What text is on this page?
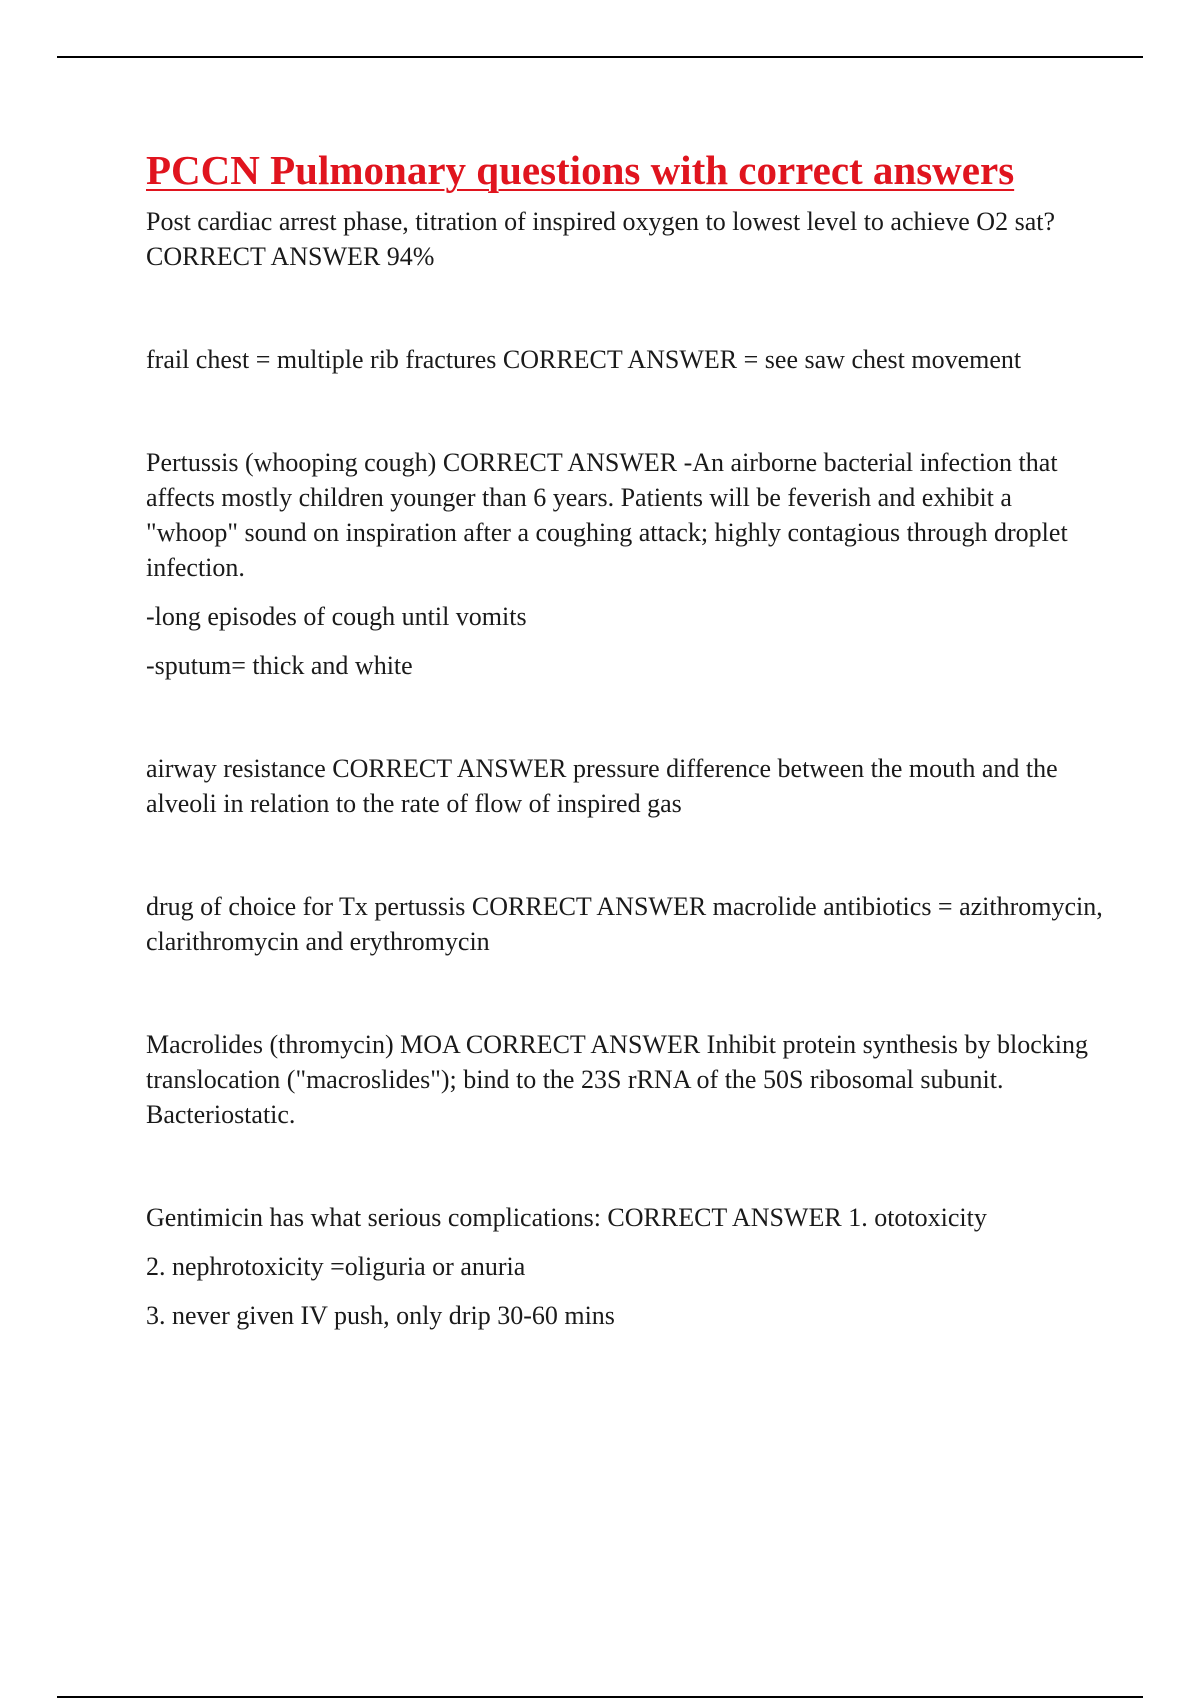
PCCN Pulmonary questions with correct answers

Post cardiac arrest phase, titration of inspired oxygen to lowest level to achieve O2 sat? CORRECT ANSWER 94%

frail chest = multiple rib fractures CORRECT ANSWER = see saw chest movement

Pertussis (whooping cough) CORRECT ANSWER -An airborne bacterial infection that affects mostly children younger than 6 years. Patients will be feverish and exhibit a "whoop" sound on inspiration after a coughing attack; highly contagious through droplet infection.

-long episodes of cough until vomits

-sputum= thick and white

airway resistance CORRECT ANSWER pressure difference between the mouth and the alveoli in relation to the rate of flow of inspired gas

drug of choice for Tx pertussis CORRECT ANSWER macrolide antibiotics = azithromycin, clarithromycin and erythromycin

Macrolides (thromycin) MOA CORRECT ANSWER Inhibit protein synthesis by blocking translocation ("macroslides"); bind to the 23S rRNA of the 50S ribosomal subunit. Bacteriostatic.

Gentimicin has what serious complications: CORRECT ANSWER 1. ototoxicity

2. nephrotoxicity =oliguria or anuria

3. never given IV push, only drip 30-60 mins
